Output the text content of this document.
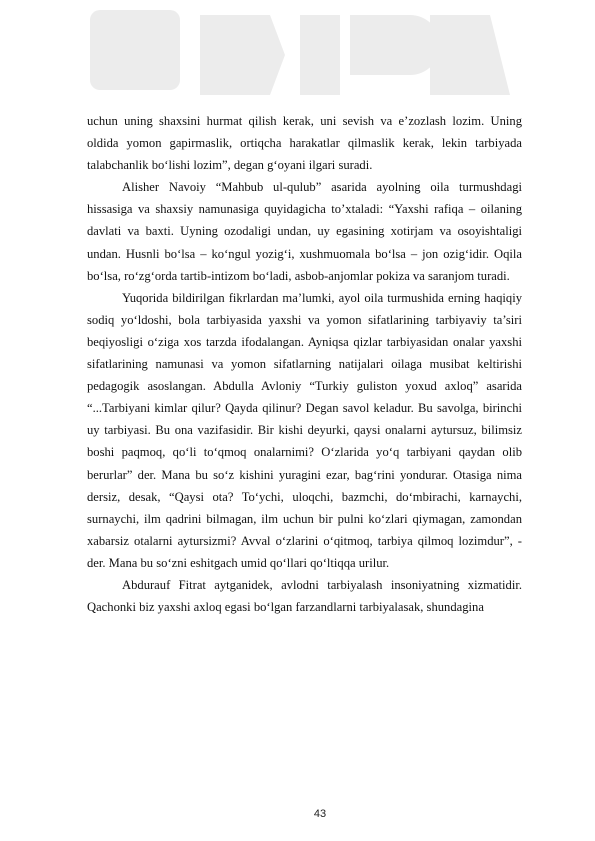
uchun uning shaxsini hurmat qilish kerak, uni sevish va e’zozlash lozim. Uning oldida yomon gapirmaslik, ortiqcha harakatlar qilmaslik kerak, lekin tarbiyada talabchanlik bo‘lishi lozim”, degan g‘oyani ilgari suradi.

Alisher Navoiy “Mahbub ul-qulub” asarida ayolning oila turmushdagi hissasiga va shaxsiy namunasiga quyidagicha to’xtaladi: “Yaxshi rafiqa – oilaning davlati va baxti. Uyning ozodaligi undan, uy egasining xotirjam va osoyishtaligi undan. Husnli bo‘lsa – ko‘ngul yozig‘i, xushmuomala bo‘lsa – jon ozig‘idir. Oqila bo‘lsa, ro‘zg‘orda tartib-intizom bo‘ladi, asbob-anjomlar pokiza va saranjom turadi.

Yuqorida bildirilgan fikrlardan ma’lumki, ayol oila turmushida erning haqiqiy sodiq yo‘ldoshi, bola tarbiyasida yaxshi va yomon sifatlarining tarbiyaviy ta’siri beqiyosligi o‘ziga xos tarzda ifodalangan. Ayniqsa qizlar tarbiyasidan onalar yaxshi sifatlarining namunasi va yomon sifatlarning natijalari oilaga musibat keltirishi pedagogik asoslangan. Abdulla Avloniy “Turkiy guliston yoxud axloq” asarida “...Tarbiyani kimlar qilur? Qayda qilinur? Degan savol keladur. Bu savolga, birinchi uy tarbiyasi. Bu ona vazifasidir. Bir kishi deyurki, qaysi onalarni aytursuz, bilimsiz boshi paqmoq, qo‘li to‘qmoq onalarnimi? O‘zlarida yo‘q tarbiyani qaydan olib berurlar” der. Mana bu so‘z kishini yuragini ezar, bag‘rini yondurar. Otasiga nima dersiz, desak, “Qaysi ota? To‘ychi, uloqchi, bazmchi, do‘mbirachi, karnaychi, surnaychi, ilm qadrini bilmagan, ilm uchun bir pulni ko‘zlari qiymagan, zamondan xabarsiz otalarni aytursizmi? Avval o‘zlarini o‘qitmoq, tarbiya qilmoq lozimdur”, - der. Mana bu so‘zni eshitgach umid qo‘llari qo‘ltiqqa urilur.

Abdurauf Fitrat aytganidek, avlodni tarbiyalash insoniyatning xizmatidir. Qachonki biz yaxshi axloq egasi bo‘lgan farzandlarni tarbiyalasak, shundagina

43
